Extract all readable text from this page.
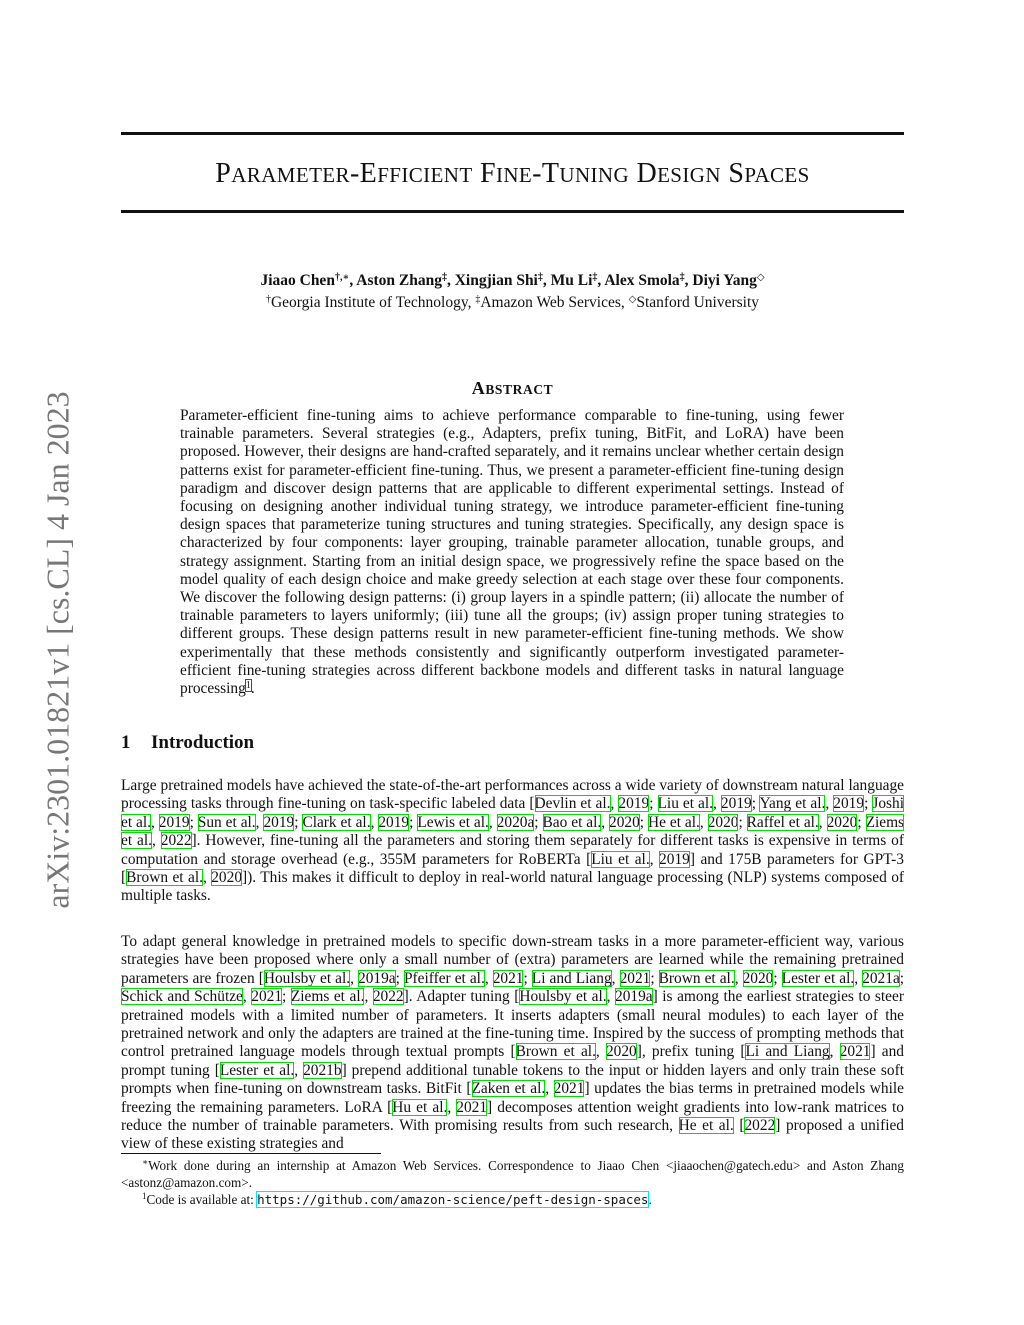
arXiv:2301.01821v1 [cs.CL] 4 Jan 2023
PARAMETER-EFFICIENT FINE-TUNING DESIGN SPACES
Jiaao Chen†,∗, Aston Zhang‡, Xingjian Shi‡, Mu Li‡, Alex Smola‡, Diyi Yang◇
†Georgia Institute of Technology, ‡Amazon Web Services, ◇Stanford University
ABSTRACT

Parameter-efficient fine-tuning aims to achieve performance comparable to fine-tuning, using fewer trainable parameters. Several strategies (e.g., Adapters, prefix tuning, BitFit, and LoRA) have been proposed. However, their designs are hand-crafted separately, and it remains unclear whether certain design patterns exist for parameter-efficient fine-tuning. Thus, we present a parameter-efficient fine-tuning design paradigm and discover design patterns that are applicable to different experimental settings. Instead of focusing on designing another individual tuning strategy, we introduce parameter-efficient fine-tuning design spaces that parameterize tuning structures and tuning strategies. Specifically, any design space is characterized by four components: layer grouping, trainable parameter allocation, tunable groups, and strategy assignment. Starting from an initial design space, we progressively refine the space based on the model quality of each design choice and make greedy selection at each stage over these four components. We discover the following design patterns: (i) group layers in a spindle pattern; (ii) allocate the number of trainable parameters to layers uniformly; (iii) tune all the groups; (iv) assign proper tuning strategies to different groups. These design patterns result in new parameter-efficient fine-tuning methods. We show experimentally that these methods consistently and significantly outperform investigated parameter-efficient fine-tuning strategies across different backbone models and different tasks in natural language processing$^1$.

1 Introduction

Large pretrained models have achieved the state-of-the-art performances across a wide variety of downstream natural language processing tasks through fine-tuning on task-specific labeled data [Devlin et al., 2019; Liu et al., 2019; Yang et al., 2019; Joshi et al., 2019; Sun et al., 2019; Clark et al., 2019; Lewis et al., 2020a; Bao et al., 2020; He et al., 2020; Raffel et al., 2020; Ziems et al., 2022]. However, fine-tuning all the parameters and storing them separately for different tasks is expensive in terms of computation and storage overhead (e.g., 355M parameters for RoBERTa [Liu et al., 2019] and 175B parameters for GPT-3 [Brown et al., 2020]). This makes it difficult to deploy in real-world natural language processing (NLP) systems composed of multiple tasks.

To adapt general knowledge in pretrained models to specific down-stream tasks in a more parameter-efficient way, various strategies have been proposed where only a small number of (extra) parameters are learned while the remaining pretrained parameters are frozen [Houlsby et al., 2019a; Pfeiffer et al., 2021; Li and Liang, 2021; Brown et al., 2020; Lester et al., 2021a; Schick and Schütze, 2021; Ziems et al., 2022]. Adapter tuning [Houlsby et al., 2019a] is among the earliest strategies to steer pretrained models with a limited number of parameters. It inserts adapters (small neural modules) to each layer of the pretrained network and only the adapters are trained at the fine-tuning time. Inspired by the success of prompting methods that control pretrained language models through textual prompts [Brown et al., 2020], prefix tuning [Li and Liang, 2021] and prompt tuning [Lester et al., 2021b] prepend additional tunable tokens to the input or hidden layers and only train these soft prompts when fine-tuning on downstream tasks. BitFit [Zaken et al., 2021] updates the bias terms in pretrained models while freezing the remaining parameters. LoRA [Hu et al., 2021] decomposes attention weight gradients into low-rank matrices to reduce the number of trainable parameters. With promising results from such research, He et al. [2022] proposed a unified view of these existing strategies and

∗Work done during an internship at Amazon Web Services. Correspondence to Jiaao Chen <jiaaochen@gatech.edu> and Aston Zhang <astonz@amazon.com>.

$^1$Code is available at: https://github.com/amazon-science/peft-design-spaces.
